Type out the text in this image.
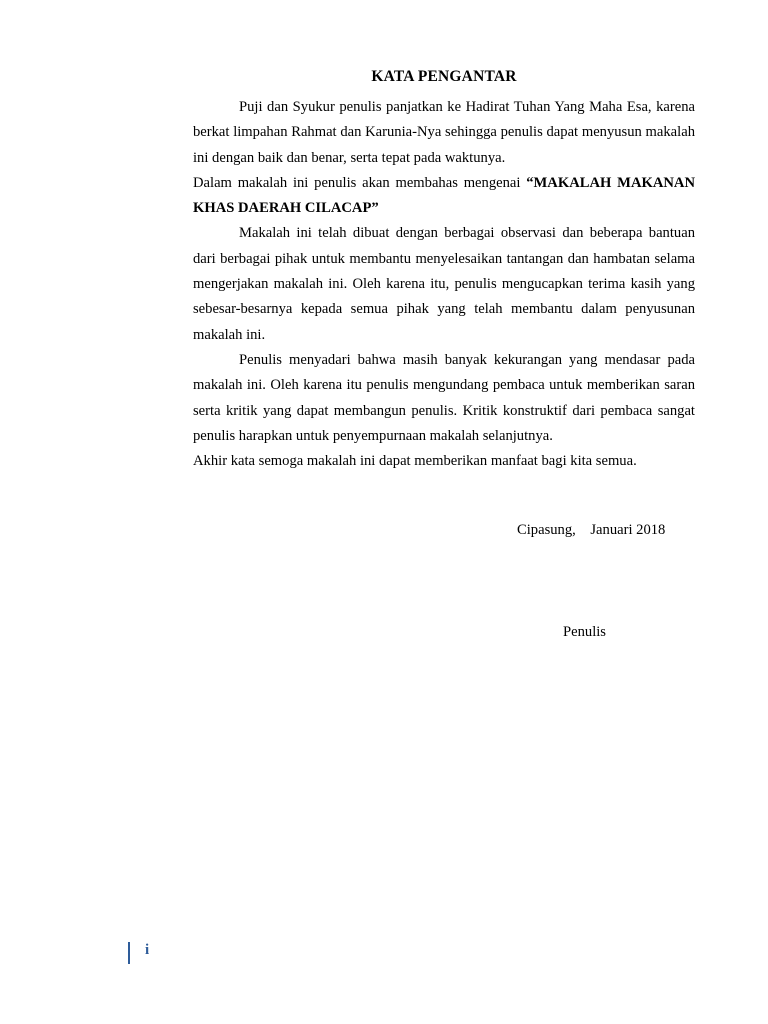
KATA PENGANTAR

Puji dan Syukur penulis panjatkan ke Hadirat Tuhan Yang Maha Esa, karena berkat limpahan Rahmat dan Karunia-Nya sehingga penulis dapat menyusun makalah ini dengan baik dan benar, serta tepat pada waktunya.

Dalam makalah ini penulis akan membahas mengenai “MAKALAH MAKANAN KHAS DAERAH CILACAP”

Makalah ini telah dibuat dengan berbagai observasi dan beberapa bantuan dari berbagai pihak untuk membantu menyelesaikan tantangan dan hambatan selama mengerjakan makalah ini. Oleh karena itu, penulis mengucapkan terima kasih yang sebesar-besarnya kepada semua pihak yang telah membantu dalam penyusunan makalah ini.

Penulis menyadari bahwa masih banyak kekurangan yang mendasar pada makalah ini. Oleh karena itu penulis mengundang pembaca untuk memberikan saran serta kritik yang dapat membangun penulis. Kritik konstruktif dari pembaca sangat penulis harapkan untuk penyempurnaan makalah selanjutnya.

Akhir kata semoga makalah ini dapat memberikan manfaat bagi kita semua.

Cipasung,    Januari 2018
Penulis
i
